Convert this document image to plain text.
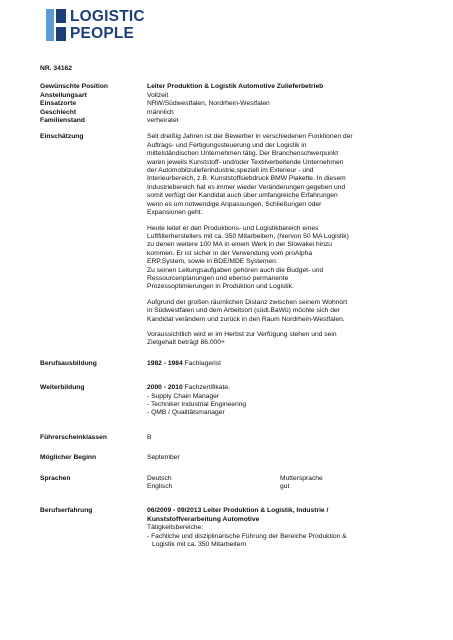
LOGISTIC
PEOPLE
NR. 34162
Gewünschte Position	Leiter Produktion & Logistik Automotive Zulieferbetrieb
Anstellungsart	Vollzeit
Einsatzorte	NRW/Südwestfalen, Nordrhein-Westfalen
Geschlecht	männlich
Familienstand	verheiratet
Einschätzung	Seit dreißig Jahren ist der Bewerber in verschiedenen Funktionen der
Auftrags- und Fertigungssteuerung und der Logistik in
mittelständischen Unternehmen tätig. Der Branchenschwerpunkt
waren jeweils Kunststoff- und/oder Textilverbeitende Unternehmen
der Automobilzulieferindustrie,speziell im Exterieur - und
Interieurbereich, z.B. Kunststoffsiebdruck BMW Plakette. In diesem
Industriebereich hat es immer wieder Veränderungen gegeben und
somit verfügt der Kandidat auch über umfangreiche Erfahrungen
wenn es um notwendige Anpassungen, Schließungen oder
Expansionen geht.
Heute leitet er den Produktions- und Logistikbereich eines
Luftfilterherstellers mit ca. 350 Mitarbeitern, (hiervon 50 MA Logistik)
zu denen weitere 100 MA in einem Werk in der Slowakei hinzu
kommen. Er ist sicher in der Verwendung vom proAlpha
ERP.System, sowie in BDE/MDE Systemen.
Zu seinen Leitungsaufgaben gehören auch die Budget- und
Ressourcenplanungen und ebenso permanente
Prozessoptimierungen in Produktion und Logistik.
Aufgrund der großen räumlichen Distanz zwischen seinem Wohnort
in Südwestfalen und dem Arbeitsort (südl.BaWü) möchte sich der
Kandidat verändern und zurück in den Raum Nordrhein-Westfalen.
Voraussichtlich wird er im Herbst zur Verfügung stehen und sein
Zielgehalt beträgt 86.000+
Berufsausbildung	1982 - 1984 Fachlagerist
Weiterbildung	2000 - 2010 Fachzertifikate,
- Supply Chain Manager
- Techniker Industrial Engineering
- QMB / Qualitätsmanager
Führerscheinklassen	B
Möglicher Beginn	September
Sprachen	Deutsch	Muttersprache
Englisch	gut
Berufserfahrung	06/2009 - 09/2013 Leiter Produktion & Logistik, Industrie /
Kunststoffverarbeitung Automotive
Tätigkeitsbereiche:
- Fachliche und disziplinarische Führung der Bereiche Produktion &
Logistik mit ca. 350 Mitarbeitern
